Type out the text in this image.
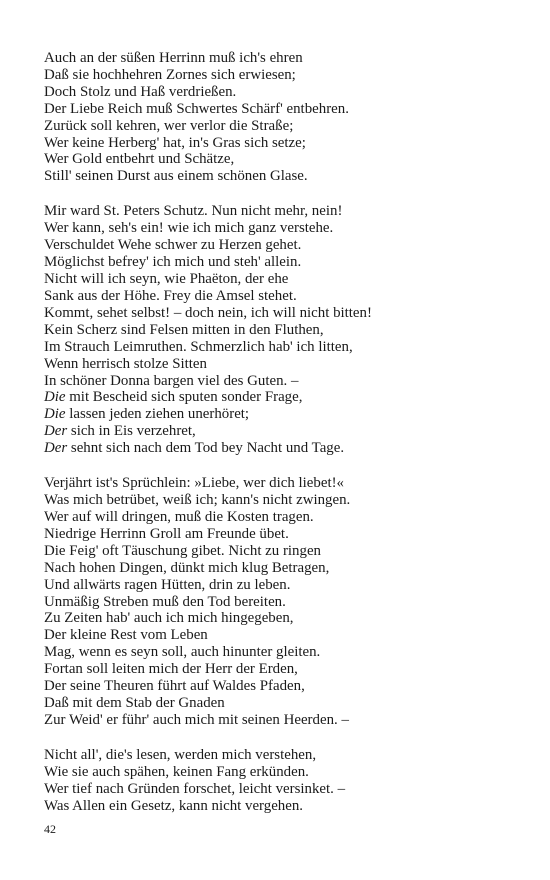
Auch an der süßen Herrinn muß ich's ehren
Daß sie hochhehren Zornes sich erwiesen;
Doch Stolz und Haß verdrießen.
Der Liebe Reich muß Schwertes Schärf' entbehren.
Zurück soll kehren, wer verlor die Straße;
Wer keine Herberg' hat, in's Gras sich setze;
Wer Gold entbehrt und Schätze,
Still' seinen Durst aus einem schönen Glase.
Mir ward St. Peters Schutz. Nun nicht mehr, nein!
Wer kann, seh's ein! wie ich mich ganz verstehe.
Verschuldet Wehe schwer zu Herzen gehet.
Möglichst befrey' ich mich und steh' allein.
Nicht will ich seyn, wie Phaëton, der ehe
Sank aus der Höhe. Frey die Amsel stehet.
Kommt, sehet selbst! – doch nein, ich will nicht bitten!
Kein Scherz sind Felsen mitten in den Fluthen,
Im Strauch Leimruthen. Schmerzlich hab' ich litten,
Wenn herrisch stolze Sitten
In schöner Donna bargen viel des Guten. –
Die mit Bescheid sich sputen sonder Frage,
Die lassen jeden ziehen unerhöret;
Der sich in Eis verzehret,
Der sehnt sich nach dem Tod bey Nacht und Tage.
Verjährt ist's Sprüchlein: »Liebe, wer dich liebet!«
Was mich betrübet, weiß ich; kann's nicht zwingen.
Wer auf will dringen, muß die Kosten tragen.
Niedrige Herrinn Groll am Freunde übet.
Die Feig' oft Täuschung gibet. Nicht zu ringen
Nach hohen Dingen, dünkt mich klug Betragen,
Und allwärts ragen Hütten, drin zu leben.
Unmäßig Streben muß den Tod bereiten.
Zu Zeiten hab' auch ich mich hingegeben,
Der kleine Rest vom Leben
Mag, wenn es seyn soll, auch hinunter gleiten.
Fortan soll leiten mich der Herr der Erden,
Der seine Theuren führt auf Waldes Pfaden,
Daß mit dem Stab der Gnaden
Zur Weid' er führ' auch mich mit seinen Heerden. –
Nicht all', die's lesen, werden mich verstehen,
Wie sie auch spähen, keinen Fang erkünden.
Wer tief nach Gründen forschet, leicht versinket. –
Was Allen ein Gesetz, kann nicht vergehen.
42
